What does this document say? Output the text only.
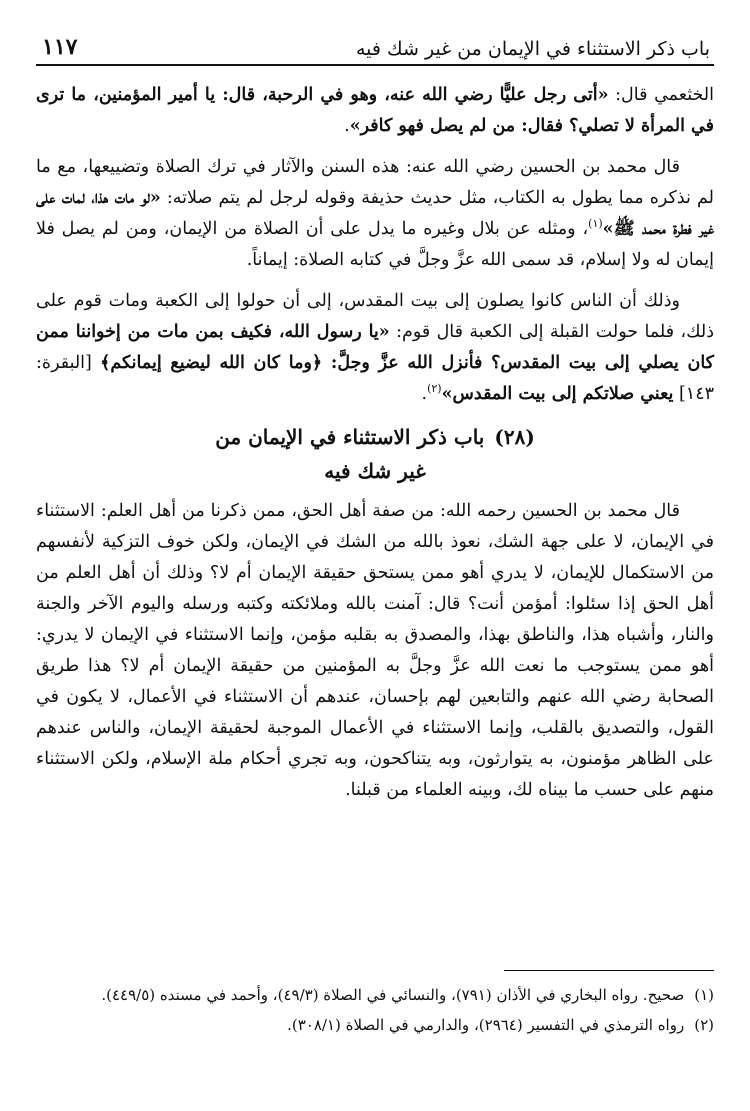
١١٧	باب ذكر الاستثناء في الإيمان من غير شك فيه

الخثعمي قال: «أتى رجل عليًّا رضي الله عنه، وهو في الرحبة، قال: يا أمير المؤمنين، ما ترى في المرأة لا تصلي؟ فقال: من لم يصل فهو كافر».

قال محمد بن الحسين رضي الله عنه: هذه السنن والآثار في ترك الصلاة وتضييعها، مع ما لم نذكره مما يطول به الكتاب، مثل حديث حذيفة وقوله لرجل لم يتم صلاته: «لو مات هذا، لمات على غير فطرة محمد ﷺ»$^{(١)}$، ومثله عن بلال وغيره ما يدل على أن الصلاة من الإيمان، ومن لم يصل فلا إيمان له ولا إسلام، قد سمى الله عزَّ وجلَّ في كتابه الصلاة: إيماناً.

وذلك أن الناس كانوا يصلون إلى بيت المقدس، إلى أن حولوا إلى الكعبة ومات قوم على ذلك، فلما حولت القبلة إلى الكعبة قال قوم: «يا رسول الله، فكيف بمن مات من إخواننا ممن كان يصلي إلى بيت المقدس؟ فأنزل الله عزَّ وجلَّ: ﴿وما كان الله ليضيع إيمانكم﴾ [البقرة: ١٤٣] يعني صلاتكم إلى بيت المقدس»$^{(٢)}$.

(٢٨)باب ذكر الاستثناء في الإيمان من
غير شك فيه

قال محمد بن الحسين رحمه الله: من صفة أهل الحق، ممن ذكرنا من أهل العلم: الاستثناء في الإيمان، لا على جهة الشك، نعوذ بالله من الشك في الإيمان، ولكن خوف التزكية لأنفسهم من الاستكمال للإيمان، لا يدري أهو ممن يستحق حقيقة الإيمان أم لا؟ وذلك أن أهل العلم من أهل الحق إذا سئلوا: أمؤمن أنت؟ قال: آمنت بالله وملائكته وكتبه ورسله واليوم الآخر والجنة والنار، وأشباه هذا، والناطق بهذا، والمصدق به بقلبه مؤمن، وإنما الاستثناء في الإيمان لا يدري: أهو ممن يستوجب ما نعت الله عزَّ وجلَّ به المؤمنين من حقيقة الإيمان أم لا؟ هذا طريق الصحابة رضي الله عنهم والتابعين لهم بإحسان، عندهم أن الاستثناء في الأعمال، لا يكون في القول، والتصديق بالقلب، وإنما الاستثناء في الأعمال الموجبة لحقيقة الإيمان، والناس عندهم على الظاهر مؤمنون، به يتوارثون، وبه يتناكحون، وبه تجري أحكام ملة الإسلام، ولكن الاستثناء منهم على حسب ما بيناه لك، وبينه العلماء من قبلنا.

(١)
صحيح. رواه البخاري في الأذان (٧٩١)، والنسائي في الصلاة (٤٩/٣)، وأحمد في مسنده (٤٤٩/٥).
(٢)
رواه الترمذي في التفسير (٢٩٦٤)، والدارمي في الصلاة (٣٠٨/١).
